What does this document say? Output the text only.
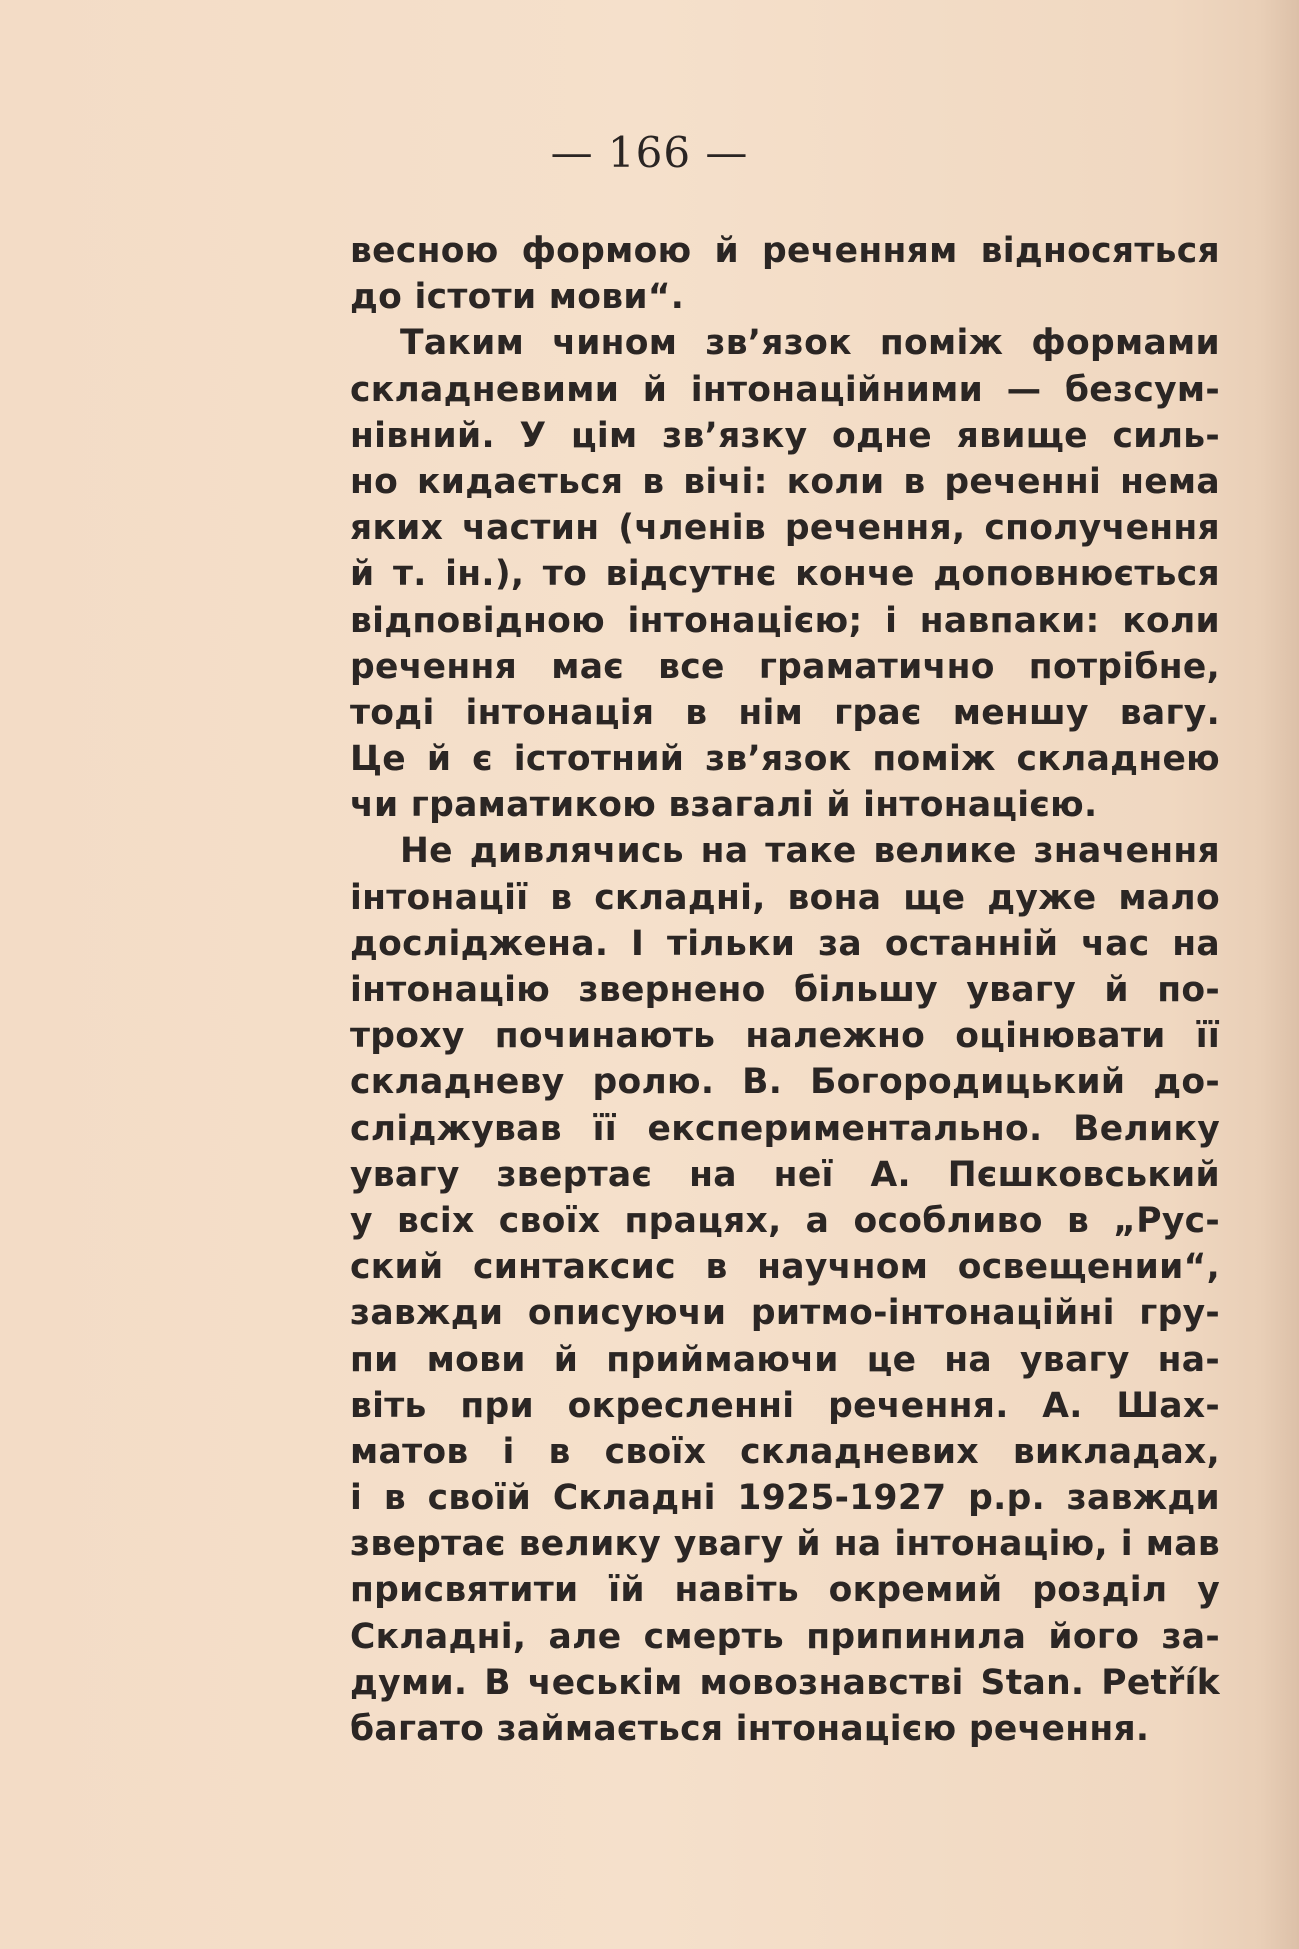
— 166 —
весною формою й реченням відносяться
до істоти мови“.
Таким чином зв’язок поміж формами
складневими й інтонаційними — безсум-
нівний. У цім зв’язку одне явище силь-
но кидається в вічі: коли в реченні нема
яких частин (членів речення, сполучення
й т. ін.), то відсутнє конче доповнюється
відповідною інтонацією; і навпаки: коли
речення має все граматично потрібне,
тоді інтонація в нім грає меншу вагу.
Це й є істотний зв’язок поміж складнею
чи граматикою взагалі й інтонацією.
Не дивлячись на таке велике значення
інтонації в складні, вона ще дуже мало
досліджена. І тільки за останній час на
інтонацію звернено більшу увагу й по-
троху починають належно оцінювати її
складневу ролю. В. Богородицький до-
сліджував її експериментально. Велику
увагу звертає на неї А. Пєшковський
у всіх своїх працях, а особливо в „Рус-
ский синтаксис в научном освещении“,
завжди описуючи ритмо-інтонаційні гру-
пи мови й приймаючи це на увагу на-
віть при окресленні речення. А. Шах-
матов і в своїх складневих викладах,
і в своїй Складні 1925-1927 р.р. завжди
звертає велику увагу й на інтонацію, і мав
присвятити їй навіть окремий розділ у
Складні, але смерть припинила його за-
думи. В чеськім мовознавстві Stan. Petřík
багато займається інтонацією речення.
